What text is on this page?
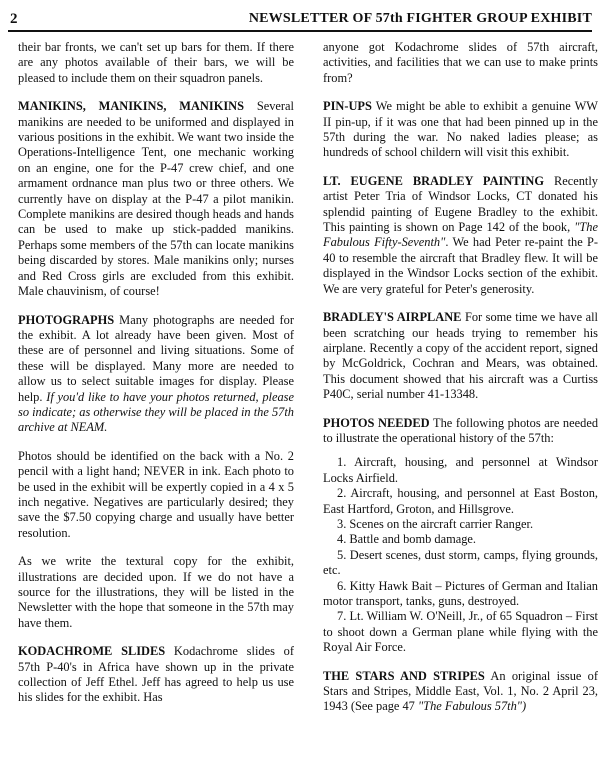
2	NEWSLETTER OF 57th FIGHTER GROUP EXHIBIT

their bar fronts, we can't set up bars for them. If there are any photos available of their bars, we will be pleased to include them on their squadron panels.

MANIKINS, MANIKINS, MANIKINS Several manikins are needed to be uniformed and displayed in various positions in the exhibit. We want two inside the Operations-Intelligence Tent, one mechanic working on an engine, one for the P-47 crew chief, and one armament ordnance man plus two or three others. We currently have on display at the P-47 a pilot manikin. Complete manikins are desired though heads and hands can be used to make up stick-padded manikins. Perhaps some members of the 57th can locate manikins being discarded by stores. Male manikins only; nurses and Red Cross girls are excluded from this exhibit. Male chauvinism, of course!

PHOTOGRAPHS Many photographs are needed for the exhibit. A lot already have been given. Most of these are of personnel and living situations. Some of these will be displayed. Many more are needed to allow us to select suitable images for display. Please help. If you'd like to have your photos returned, please so indicate; as otherwise they will be placed in the 57th archive at NEAM.

Photos should be identified on the back with a No. 2 pencil with a light hand; NEVER in ink. Each photo to be used in the exhibit will be expertly copied in a 4 x 5 inch negative. Negatives are particularly desired; they save the $7.50 copying charge and usually have better resolution.

As we write the textural copy for the exhibit, illustrations are decided upon. If we do not have a source for the illustrations, they will be listed in the Newsletter with the hope that someone in the 57th may have them.

KODACHROME SLIDES Kodachrome slides of 57th P-40's in Africa have shown up in the private collection of Jeff Ethel. Jeff has agreed to help us use his slides for the exhibit. Has

anyone got Kodachrome slides of 57th aircraft, activities, and facilities that we can use to make prints from?

PIN-UPS We might be able to exhibit a genuine WW II pin-up, if it was one that had been pinned up in the 57th during the war. No naked ladies please; as hundreds of school childern will visit this exhibit.

LT. EUGENE BRADLEY PAINTING Recently artist Peter Tria of Windsor Locks, CT donated his splendid painting of Eugene Bradley to the exhibit. This painting is shown on Page 142 of the book, "The Fabulous Fifty-Seventh". We had Peter re-paint the P-40 to resemble the aircraft that Bradley flew. It will be displayed in the Windsor Locks section of the exhibit. We are very grateful for Peter's generosity.

BRADLEY'S AIRPLANE For some time we have all been scratching our heads trying to remember his airplane. Recently a copy of the accident report, signed by McGoldrick, Cochran and Mears, was obtained. This document showed that his aircraft was a Curtiss P40C, serial number 41-13348.

PHOTOS NEEDED The following photos are needed to illustrate the operational history of the 57th:

1. Aircraft, housing, and personnel at Windsor Locks Airfield.
2. Aircraft, housing, and personnel at East Boston, East Hartford, Groton, and Hillsgrove.
3. Scenes on the aircraft carrier Ranger.
4. Battle and bomb damage.
5. Desert scenes, dust storm, camps, flying grounds, etc.
6. Kitty Hawk Bait – Pictures of German and Italian motor transport, tanks, guns, destroyed.
7. Lt. William W. O'Neill, Jr., of 65 Squadron – First to shoot down a German plane while flying with the Royal Air Force.

THE STARS AND STRIPES An original issue of Stars and Stripes, Middle East, Vol. 1, No. 2 April 23, 1943 (See page 47 "The Fabulous 57th")
